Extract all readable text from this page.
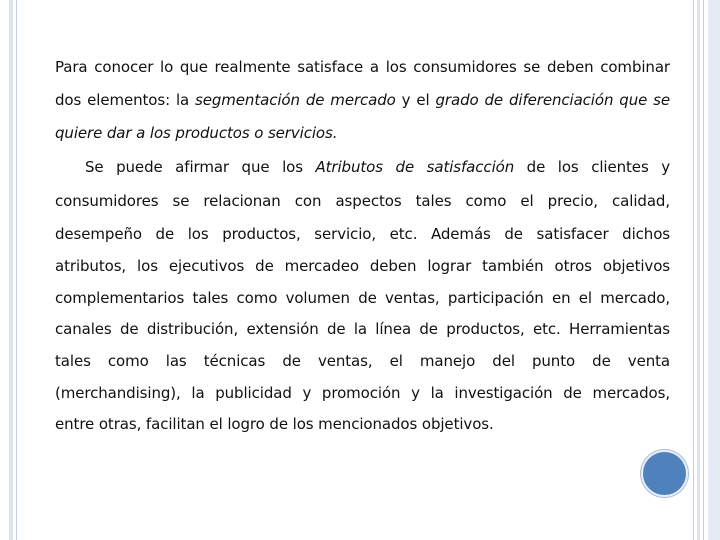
Para conocer lo que realmente satisface a los consumidores se deben combinar
dos elementos: la segmentación de mercado y el grado de diferenciación que se
quiere dar a los productos o servicios.
Se puede afirmar que los Atributos de satisfacción de los clientes y
consumidores se relacionan con aspectos tales como el precio, calidad,
desempeño de los productos, servicio, etc. Además de satisfacer dichos
atributos, los ejecutivos de mercadeo deben lograr también otros objetivos
complementarios tales como volumen de ventas, participación en el mercado,
canales de distribución, extensión de la línea de productos, etc. Herramientas
tales como las técnicas de ventas, el manejo del punto de venta
(merchandising), la publicidad y promoción y la investigación de mercados,
entre otras, facilitan el logro de los mencionados objetivos.
